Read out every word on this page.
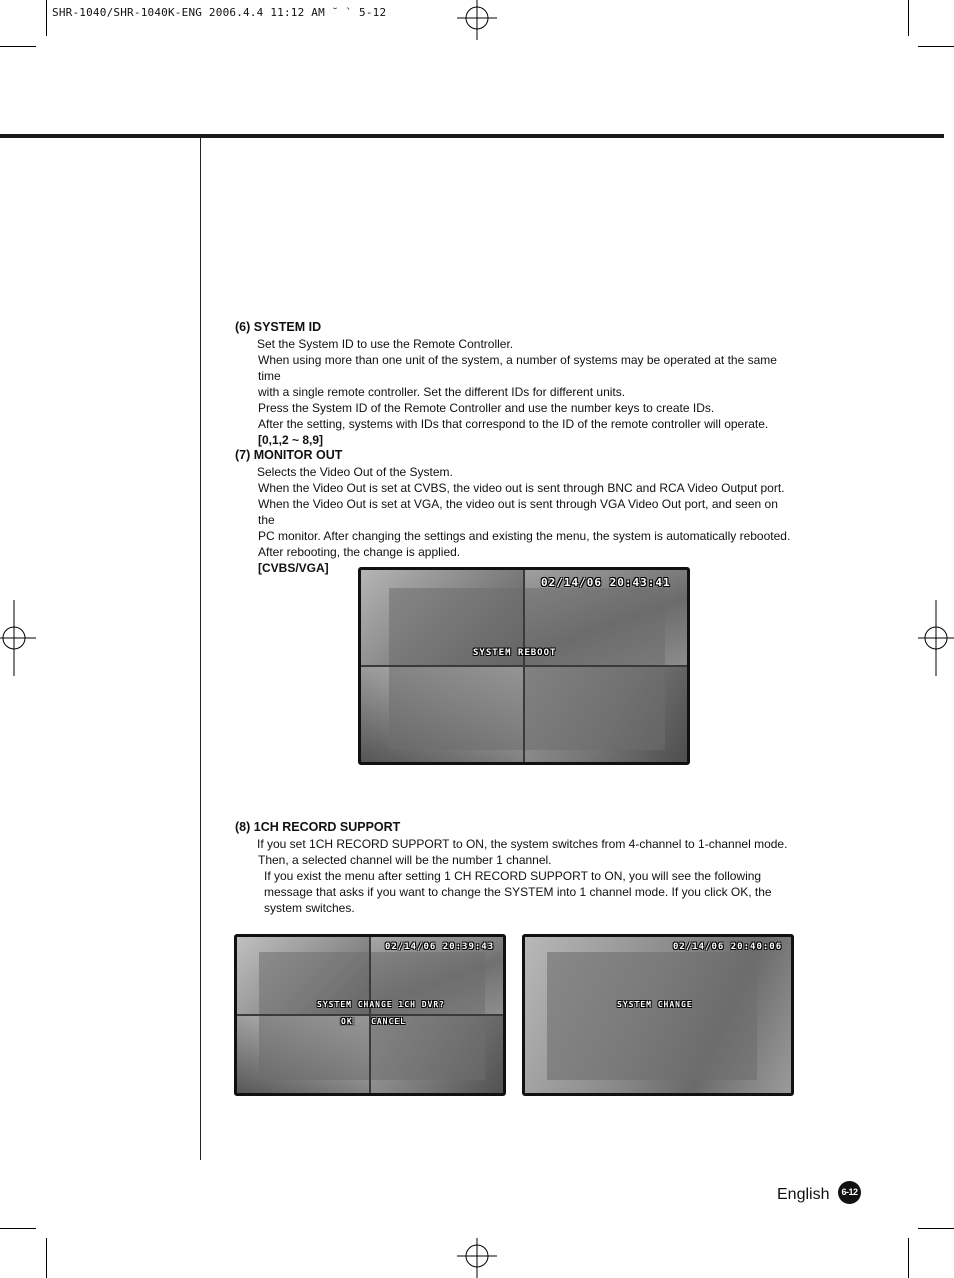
SHR-1040/SHR-1040K-ENG 2006.4.4 11:12 AM ˘ ` 5-12
(6) SYSTEM ID

Set the System ID to use the Remote Controller.

When using more than one unit of the system, a number of systems may be operated at the same time

with a single remote controller. Set the different IDs for different units.

Press the System ID of the Remote Controller and use the number keys to create IDs.

After the setting, systems with IDs that correspond to the ID of the remote controller will operate.

[0,1,2 ~ 8,9]

(7) MONITOR OUT

Selects the Video Out of the System.

When the Video Out is set at CVBS, the video out is sent through BNC and RCA Video Output port.

When the Video Out is set at VGA, the video out is sent through VGA Video Out port, and seen on the

PC monitor. After changing the settings and existing the menu, the system is automatically rebooted.

After rebooting, the change is applied.

[CVBS/VGA]

02/14/06 20:43:41
SYSTEM REBOOT
(8) 1CH RECORD SUPPORT

If you set 1CH RECORD SUPPORT to ON, the system switches from 4-channel to 1-channel mode.

Then, a selected channel will be the number 1 channel.

If you exist the menu after setting 1 CH RECORD SUPPORT to ON, you will see the following

message that asks if you want to change the SYSTEM into 1 channel mode. If you click OK, the

system switches.

02/14/06 20:39:43
SYSTEM CHANGE 1CH DVR?
OK CANCEL
02/14/06 20:40:06
SYSTEM CHANGE
English	6-12
